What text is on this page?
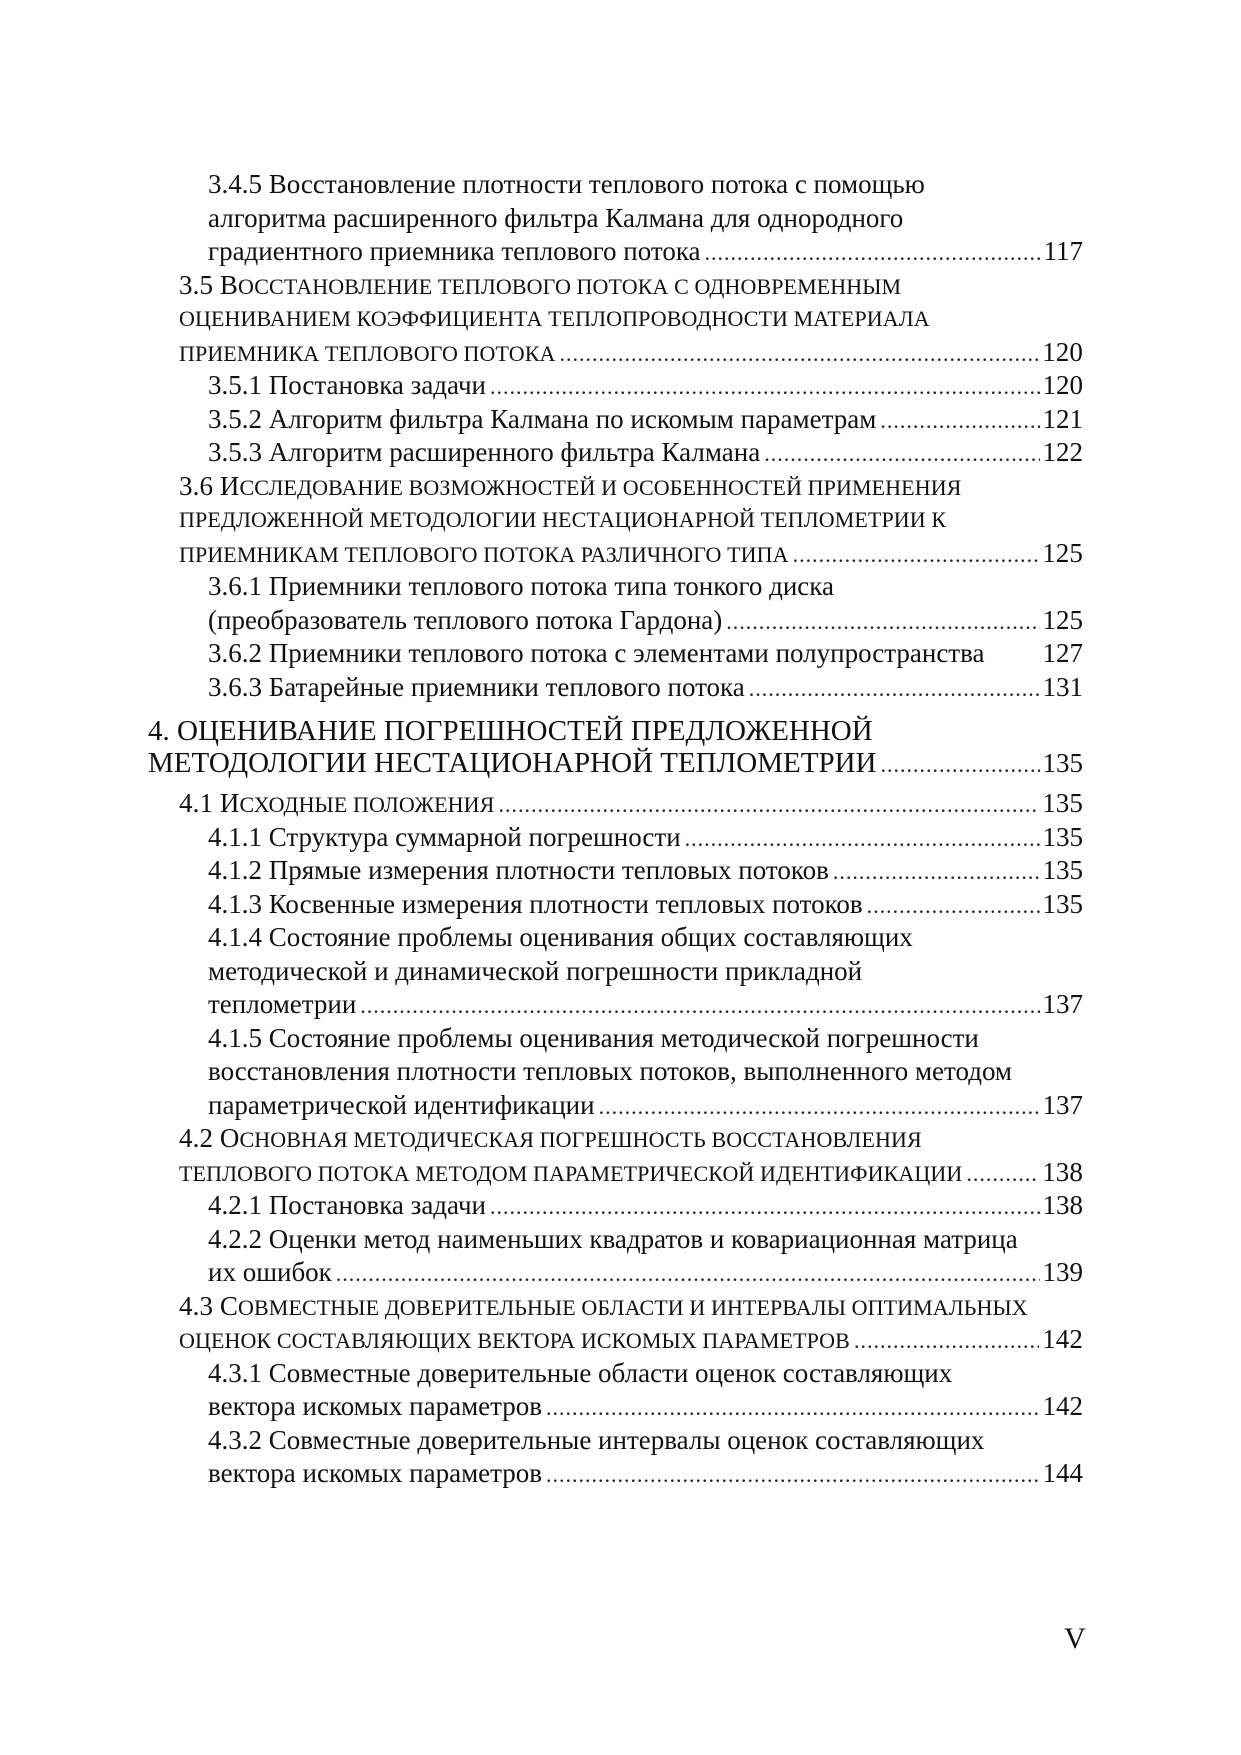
3.4.5 Восстановление плотности теплового потока с помощью
алгоритма расширенного фильтра Калмана для однородного
градиентного приемника теплового потока .....	117
3.5 ВОССТАНОВЛЕНИЕ ТЕПЛОВОГО ПОТОКА С ОДНОВРЕМЕННЫМ
ОЦЕНИВАНИЕМ КОЭФФИЦИЕНТА ТЕПЛОПРОВОДНОСТИ МАТЕРИАЛА
ПРИЕМНИКА ТЕПЛОВОГО ПОТОКА .....	120
3.5.1 Постановка задачи .....	120
3.5.2 Алгоритм фильтра Калмана по искомым параметрам .....	121
3.5.3 Алгоритм расширенного фильтра Калмана .....	122
3.6 ИССЛЕДОВАНИЕ ВОЗМОЖНОСТЕЙ И ОСОБЕННОСТЕЙ ПРИМЕНЕНИЯ
ПРЕДЛОЖЕННОЙ МЕТОДОЛОГИИ НЕСТАЦИОНАРНОЙ ТЕПЛОМЕТРИИ К
ПРИЕМНИКАМ ТЕПЛОВОГО ПОТОКА РАЗЛИЧНОГО ТИПА .....	125
3.6.1 Приемники теплового потока типа тонкого диска
(преобразователь теплового потока Гардона) .....	125
3.6.2 Приемники теплового потока с элементами полупространства 127
3.6.3 Батарейные приемники теплового потока .....	131
4. ОЦЕНИВАНИЕ ПОГРЕШНОСТЕЙ ПРЕДЛОЖЕННОЙ
МЕТОДОЛОГИИ НЕСТАЦИОНАРНОЙ ТЕПЛОМЕТРИИ .....	135
4.1 ИСХОДНЫЕ ПОЛОЖЕНИЯ .....	135
4.1.1 Структура суммарной погрешности .....	135
4.1.2 Прямые измерения плотности тепловых потоков .....	135
4.1.3 Косвенные измерения плотности тепловых потоков .....	135
4.1.4 Состояние проблемы оценивания общих составляющих
методической и динамической погрешности прикладной
теплометрии .....	137
4.1.5 Состояние проблемы оценивания методической погрешности
восстановления плотности тепловых потоков, выполненного методом
параметрической идентификации .....	137
4.2 ОСНОВНАЯ МЕТОДИЧЕСКАЯ ПОГРЕШНОСТЬ ВОССТАНОВЛЕНИЯ
ТЕПЛОВОГО ПОТОКА МЕТОДОМ ПАРАМЕТРИЧЕСКОЙ ИДЕНТИФИКАЦИИ .....	138
4.2.1 Постановка задачи .....	138
4.2.2 Оценки метод наименьших квадратов и ковариационная матрица
их ошибок .....	139
4.3 СОВМЕСТНЫЕ ДОВЕРИТЕЛЬНЫЕ ОБЛАСТИ И ИНТЕРВАЛЫ ОПТИМАЛЬНЫХ
ОЦЕНОК СОСТАВЛЯЮЩИХ ВЕКТОРА ИСКОМЫХ ПАРАМЕТРОВ .....	142
4.3.1 Совместные доверительные области оценок составляющих
вектора искомых параметров .....	142
4.3.2 Совместные доверительные интервалы оценок составляющих
вектора искомых параметров .....	144
V
